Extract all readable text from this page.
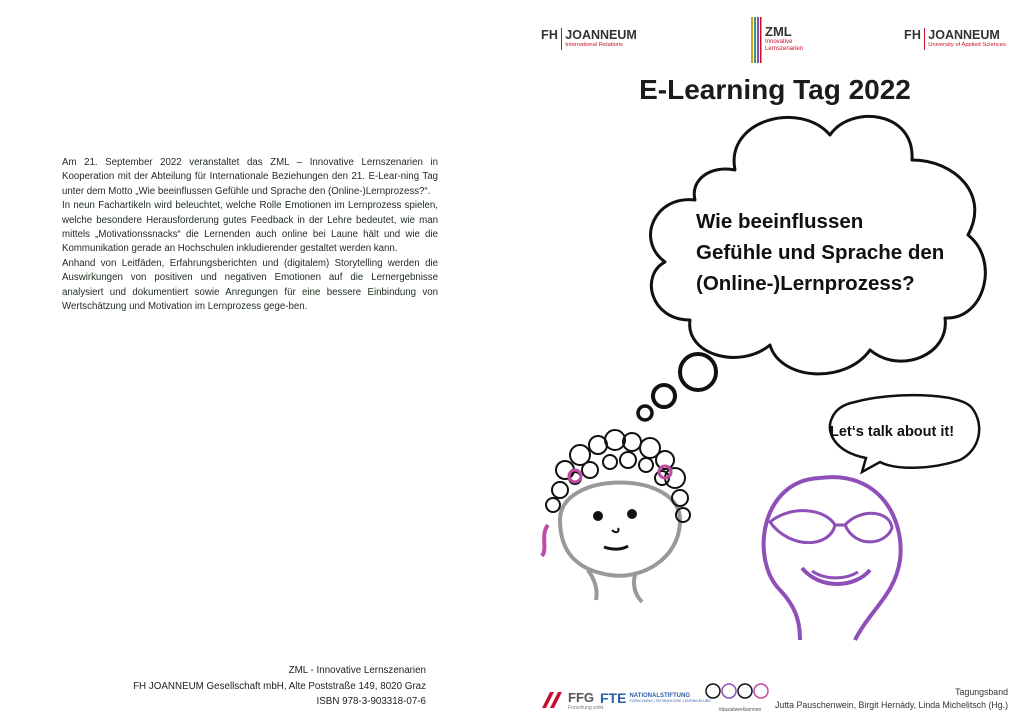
Am 21. September 2022 veranstaltet das ZML – Innovative Lernszenarien in Kooperation mit der Abteilung für Internationale Beziehungen den 21. E-Lear-ning Tag unter dem Motto „Wie beeinflussen Gefühle und Sprache den (Online-)Lernprozess?“.

In neun Fachartikeln wird beleuchtet, welche Rolle Emotionen im Lernprozess spielen, welche besondere Herausforderung gutes Feedback in der Lehre bedeutet, wie man mittels „Motivationssnacks“ die Lernenden auch online bei Laune hält und wie die Kommunikation gerade an Hochschulen inkludierender gestaltet werden kann.

Anhand von Leitfäden, Erfahrungsberichten und (digitalem) Storytelling werden die Auswirkungen von positiven und negativen Emotionen auf die Lernergebnisse analysiert und dokumentiert sowie Anregungen für eine bessere Einbindung von Wertschätzung und Motivation im Lernprozess gege-ben.

ZML - Innovative Lernszenarien
FH JOANNEUM Gesellschaft mbH, Alte Poststraße 149, 8020 Graz
ISBN 978-3-903318-07-6
FH JOANNEUM
International Relations
ZML
Innovative
Lernszenarien
FH JOANNEUM
University of Applied Sciences
E-Learning Tag 2022
Wie beeinflussen
Gefühle und Sprache den
(Online-)Lernprozess?
Let‘s talk about it!
FFG
Forschung wirkt.
FTE NATIONALSTIFTUNG
FORSCHUNG | TECHNOLOGIE | ENTWICKLUNG
#dasistwerkleinnen
Tagungsband
Jutta Pauschenwein, Birgit Hernády, Linda Michelitsch (Hg.)
